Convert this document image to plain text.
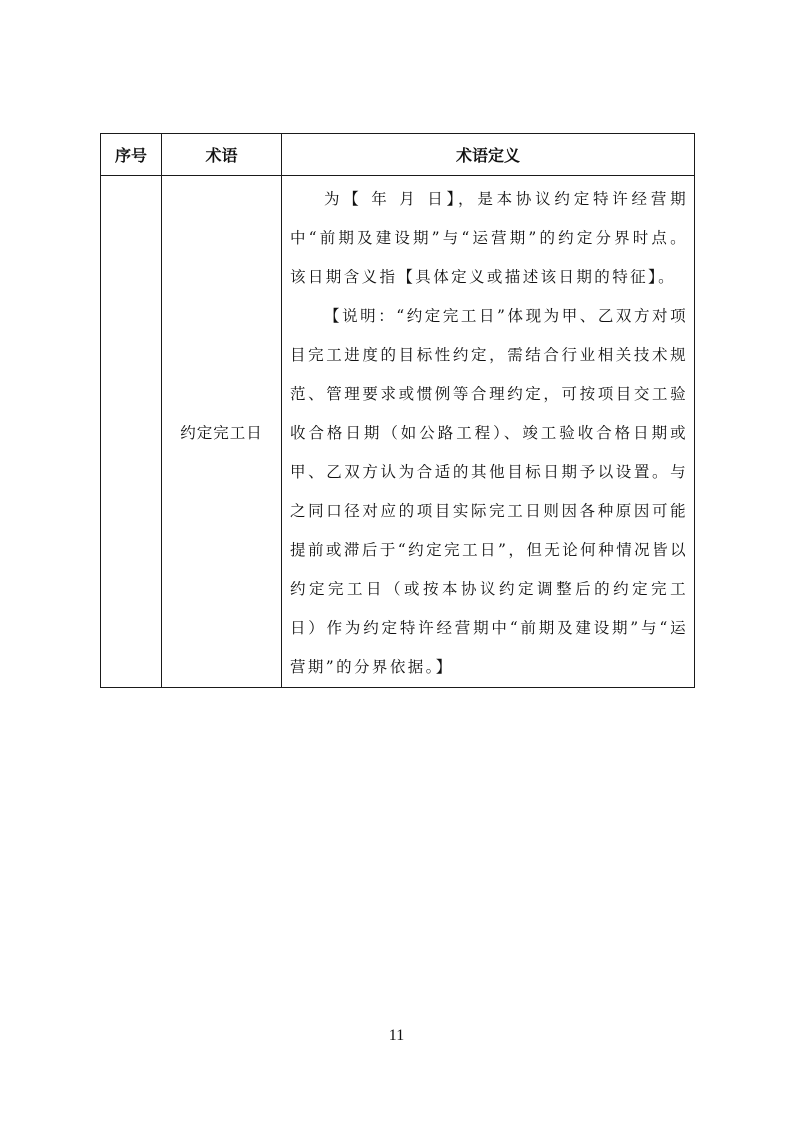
序号	术语	术语定义
	约定完工日	为【 年 月 日】，是本协议约定特许经营期中“前期及建设期”与“运营期”的约定分界时点。该日期含义指【具体定义或描述该日期的特征】。

【说明：“约定完工日”体现为甲、乙双方对项目完工进度的目标性约定，需结合行业相关技术规范、管理要求或惯例等合理约定，可按项目交工验收合格日期（如公路工程）、竣工验收合格日期或甲、乙双方认为合适的其他目标日期予以设置。与之同口径对应的项目实际完工日则因各种原因可能提前或滞后于“约定完工日”，但无论何种情况皆以约定完工日（或按本协议约定调整后的约定完工日）作为约定特许经营期中“前期及建设期”与“运营期”的分界依据。】

11
